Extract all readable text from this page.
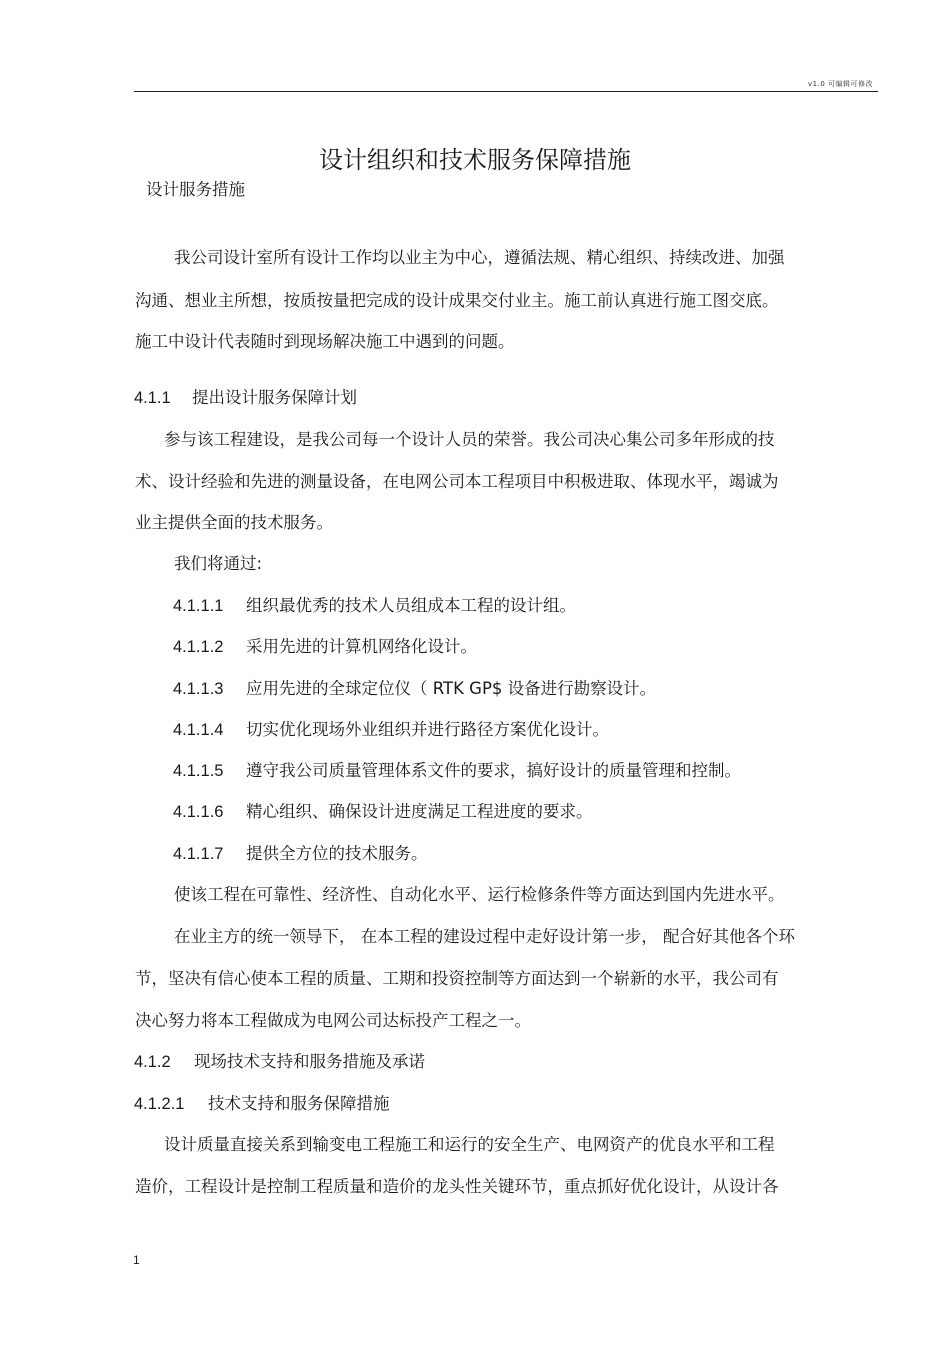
v1.0 可编辑可修改
设计组织和技术服务保障措施
设计服务措施
我公司设计室所有设计工作均以业主为中心，遵循法规、精心组织、持续改进、加强
沟通、想业主所想，按质按量把完成的设计成果交付业主。施工前认真进行施工图交底。
施工中设计代表随时到现场解决施工中遇到的问题。
4.1.1 提出设计服务保障计划
参与该工程建设，是我公司每一个设计人员的荣誉。我公司决心集公司多年形成的技
术、设计经验和先进的测量设备，在电网公司本工程项目中积极进取、体现水平，竭诚为
业主提供全面的技术服务。
我们将通过:
4.1.1.1 组织最优秀的技术人员组成本工程的设计组。
4.1.1.2 采用先进的计算机网络化设计。
4.1.1.3 应用先进的全球定位仪（ RTK GP$ 设备进行勘察设计。
4.1.1.4 切实优化现场外业组织并进行路径方案优化设计。
4.1.1.5 遵守我公司质量管理体系文件的要求，搞好设计的质量管理和控制。
4.1.1.6 精心组织、确保设计进度满足工程进度的要求。
4.1.1.7 提供全方位的技术服务。
使该工程在可靠性、经济性、自动化水平、运行检修条件等方面达到国内先进水平。
在业主方的统一领导下， 在本工程的建设过程中走好设计第一步， 配合好其他各个环
节，坚决有信心使本工程的质量、工期和投资控制等方面达到一个崭新的水平，我公司有
决心努力将本工程做成为电网公司达标投产工程之一。
4.1.2 现场技术支持和服务措施及承诺
4.1.2.1 技术支持和服务保障措施
设计质量直接关系到输变电工程施工和运行的安全生产、电网资产的优良水平和工程
造价，工程设计是控制工程质量和造价的龙头性关键环节，重点抓好优化设计，从设计各
1
